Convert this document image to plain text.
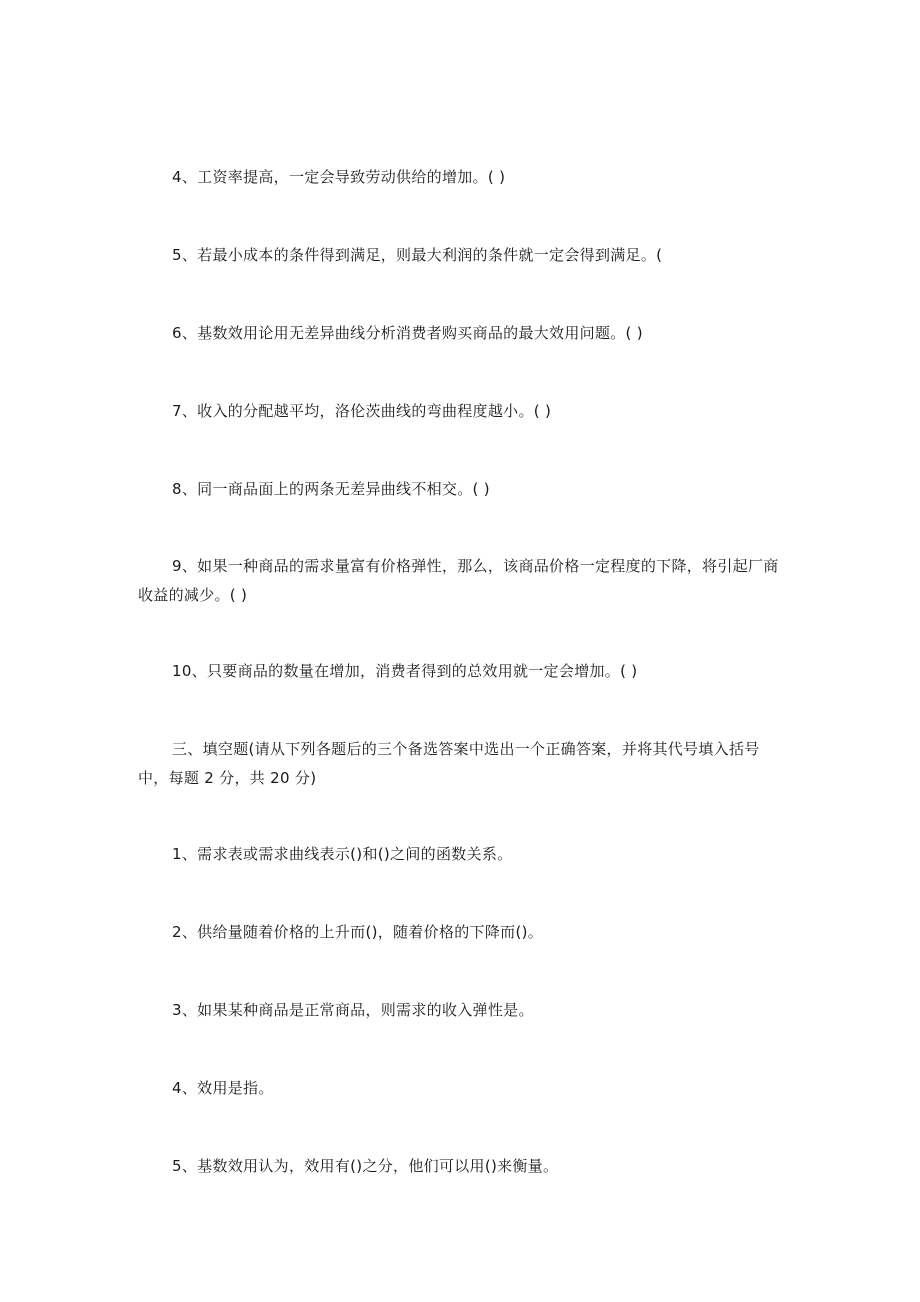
4、工资率提高，一定会导致劳动供给的增加。( )

5、若最小成本的条件得到满足，则最大利润的条件就一定会得到满足。(

6、基数效用论用无差异曲线分析消费者购买商品的最大效用问题。( )

7、收入的分配越平均，洛伦茨曲线的弯曲程度越小。( )

8、同一商品面上的两条无差异曲线不相交。( )

9、如果一种商品的需求量富有价格弹性，那么，该商品价格一定程度的下降，将引起厂商收益的减少。( )

10、只要商品的数量在增加，消费者得到的总效用就一定会增加。( )

三、填空题(请从下列各题后的三个备选答案中选出一个正确答案，并将其代号填入括号中，每题 2 分，共 20 分)

1、需求表或需求曲线表示()和()之间的函数关系。

2、供给量随着价格的上升而()，随着价格的下降而()。

3、如果某种商品是正常商品，则需求的收入弹性是。

4、效用是指。

5、基数效用认为，效用有()之分，他们可以用()来衡量。
